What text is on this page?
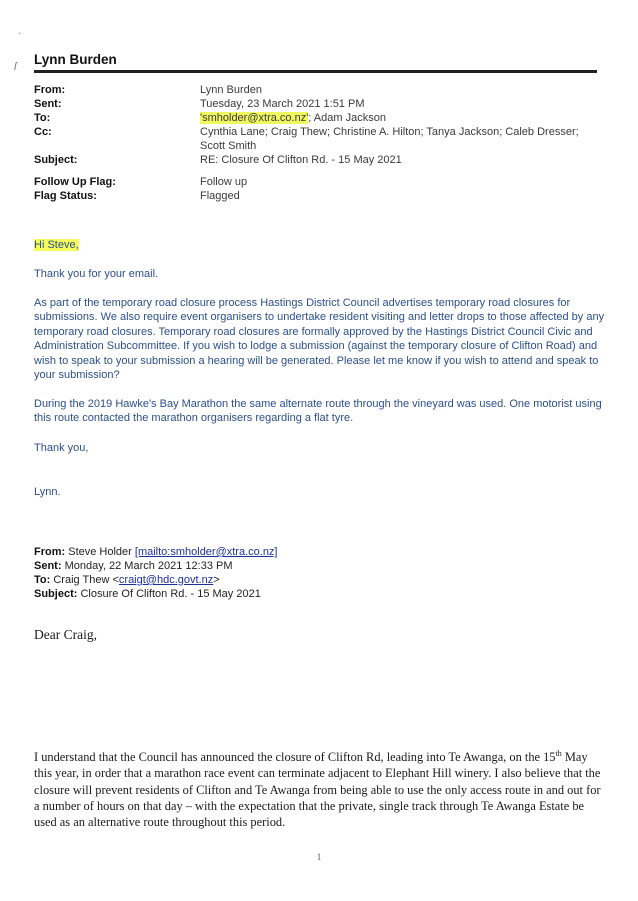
-
ſ Lynn Burden
From:	Lynn Burden
Sent:	Tuesday, 23 March 2021 1:51 PM
To:	'smholder@xtra.co.nz'; Adam Jackson
Cc:	Cynthia Lane; Craig Thew; Christine A. Hilton; Tanya Jackson; Caleb Dresser; Scott Smith
Subject:	RE: Closure Of Clifton Rd. - 15 May 2021
Follow Up Flag:	Follow up
Flag Status:	Flagged

Hi Steve,

Thank you for your email.
As part of the temporary road closure process Hastings District Council advertises temporary road closures for submissions. We also require event organisers to undertake resident visiting and letter drops to those affected by any temporary road closures. Temporary road closures are formally approved by the Hastings District Council Civic and Administration Subcommittee. If you wish to lodge a submission (against the temporary closure of Clifton Road) and wish to speak to your submission a hearing will be generated. Please let me know if you wish to attend and speak to your submission?
During the 2019 Hawke's Bay Marathon the same alternate route through the vineyard was used. One motorist using this route contacted the marathon organisers regarding a flat tyre.
Thank you,
Lynn.
From: Steve Holder [mailto:smholder@xtra.co.nz]
Sent: Monday, 22 March 2021 12:33 PM
To: Craig Thew <craigt@hdc.govt.nz>
Subject: Closure Of Clifton Rd. - 15 May 2021
Dear Craig,

I understand that the Council has announced the closure of Clifton Rd, leading into Te Awanga, on the 15th May this year, in order that a marathon race event can terminate adjacent to Elephant Hill winery. I also believe that the closure will prevent residents of Clifton and Te Awanga from being able to use the only access route in and out for a number of hours on that day – with the expectation that the private, single track through Te Awanga Estate be used as an alternative route throughout this period.

1
